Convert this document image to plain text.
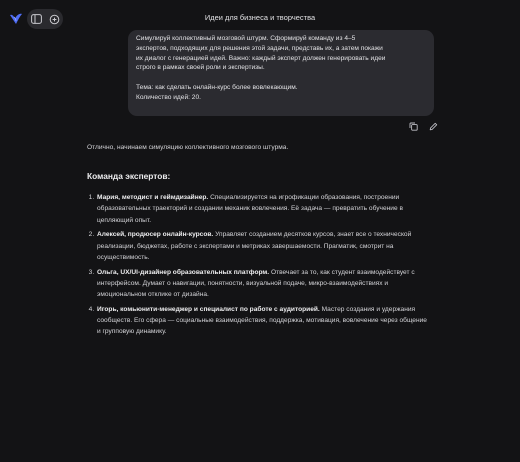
Идеи для бизнеса и творчества

Симулируй коллективный мозговой штурм. Сформируй команду из 4–5

экспертов, подходящих для решения этой задачи, представь их, а затем покажи

их диалог с генерацией идей. Важно: каждый эксперт должен генерировать идеи

строго в рамках своей роли и экспертизы.

Тема: как сделать онлайн-курс более вовлекающим.

Количество идей: 20.

Отлично, начинаем симуляцию коллективного мозгового штурма.

Команда экспертов:
1. Мария, методист и геймдизайнер. Специализируется на игрофикации образования, построении образовательных траекторий и создании механик вовлечения. Её задача — превратить обучение в цепляющий опыт.
2. Алексей, продюсер онлайн-курсов. Управляет созданием десятков курсов, знает все о технической реализации, бюджетах, работе с экспертами и метриках завершаемости. Прагматик, смотрит на осуществимость.
3. Ольга, UX/UI-дизайнер образовательных платформ. Отвечает за то, как студент взаимодействует с интерфейсом. Думает о навигации, понятности, визуальной подаче, микро-взаимодействиях и эмоциональном отклике от дизайна.
4. Игорь, комьюнити-менеджер и специалист по работе с аудиторией. Мастер создания и удержания сообществ. Его сфера — социальные взаимодействия, поддержка, мотивация, вовлечение через общение и групповую динамику.
